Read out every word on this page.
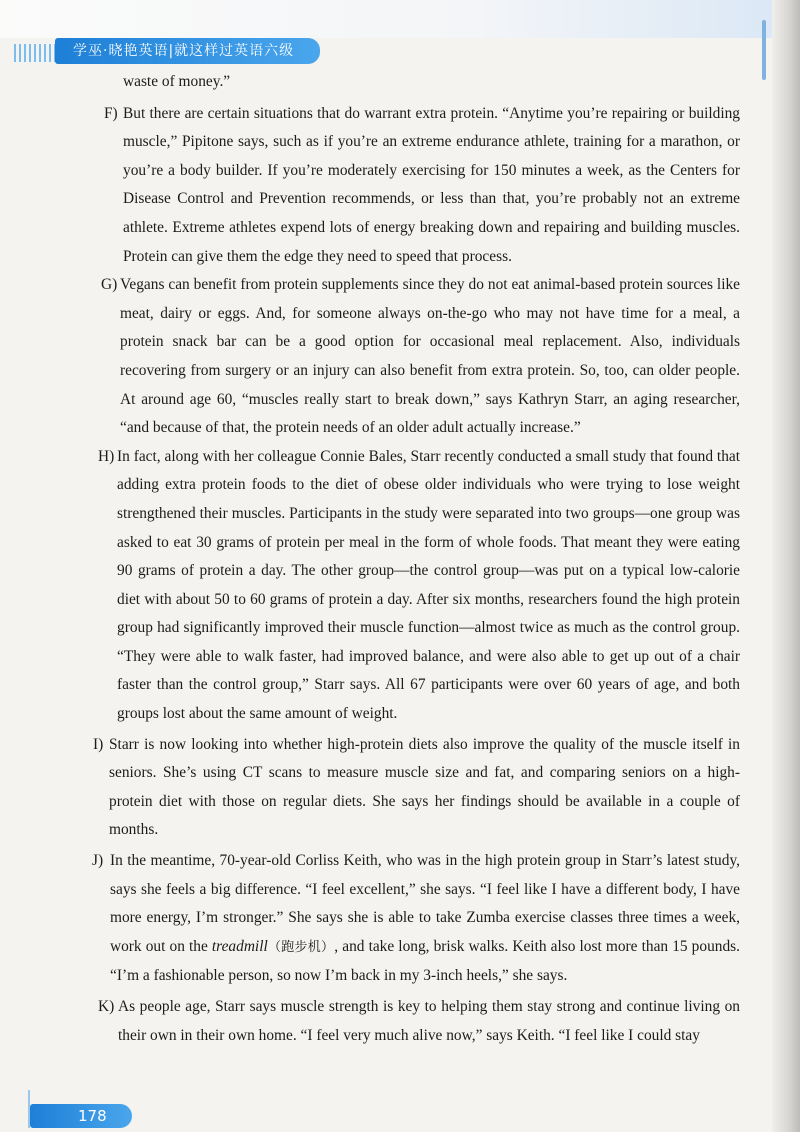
学巫·晓艳英语|就这样过英语六级
waste of money.”
F) But there are certain situations that do warrant extra protein. “Anytime you’re repairing or building muscle,” Pipitone says, such as if you’re an extreme endurance athlete, training for a marathon, or you’re a body builder. If you’re moderately exercising for 150 minutes a week, as the Centers for Disease Control and Prevention recommends, or less than that, you’re probably not an extreme athlete. Extreme athletes expend lots of energy breaking down and repairing and building muscles. Protein can give them the edge they need to speed that process.
G) Vegans can benefit from protein supplements since they do not eat animal-based protein sources like meat, dairy or eggs. And, for someone always on-the-go who may not have time for a meal, a protein snack bar can be a good option for occasional meal replacement. Also, individuals recovering from surgery or an injury can also benefit from extra protein. So, too, can older people. At around age 60, “muscles really start to break down,” says Kathryn Starr, an aging researcher, “and because of that, the protein needs of an older adult actually increase.”
H) In fact, along with her colleague Connie Bales, Starr recently conducted a small study that found that adding extra protein foods to the diet of obese older individuals who were trying to lose weight strengthened their muscles. Participants in the study were separated into two groups—one group was asked to eat 30 grams of protein per meal in the form of whole foods. That meant they were eating 90 grams of protein a day. The other group—the control group—was put on a typical low-calorie diet with about 50 to 60 grams of protein a day. After six months, researchers found the high protein group had significantly improved their muscle function—almost twice as much as the control group. “They were able to walk faster, had improved balance, and were also able to get up out of a chair faster than the control group,” Starr says. All 67 participants were over 60 years of age, and both groups lost about the same amount of weight.
I) Starr is now looking into whether high-protein diets also improve the quality of the muscle itself in seniors. She’s using CT scans to measure muscle size and fat, and comparing seniors on a high-protein diet with those on regular diets. She says her findings should be available in a couple of months.
J) In the meantime, 70-year-old Corliss Keith, who was in the high protein group in Starr’s latest study, says she feels a big difference. “I feel excellent,” she says. “I feel like I have a different body, I have more energy, I’m stronger.” She says she is able to take Zumba exercise classes three times a week, work out on the treadmill（跑步机）, and take long, brisk walks. Keith also lost more than 15 pounds. “I’m a fashionable person, so now I’m back in my 3-inch heels,” she says.
K) As people age, Starr says muscle strength is key to helping them stay strong and continue living on their own in their own home. “I feel very much alive now,” says Keith. “I feel like I could stay
178
